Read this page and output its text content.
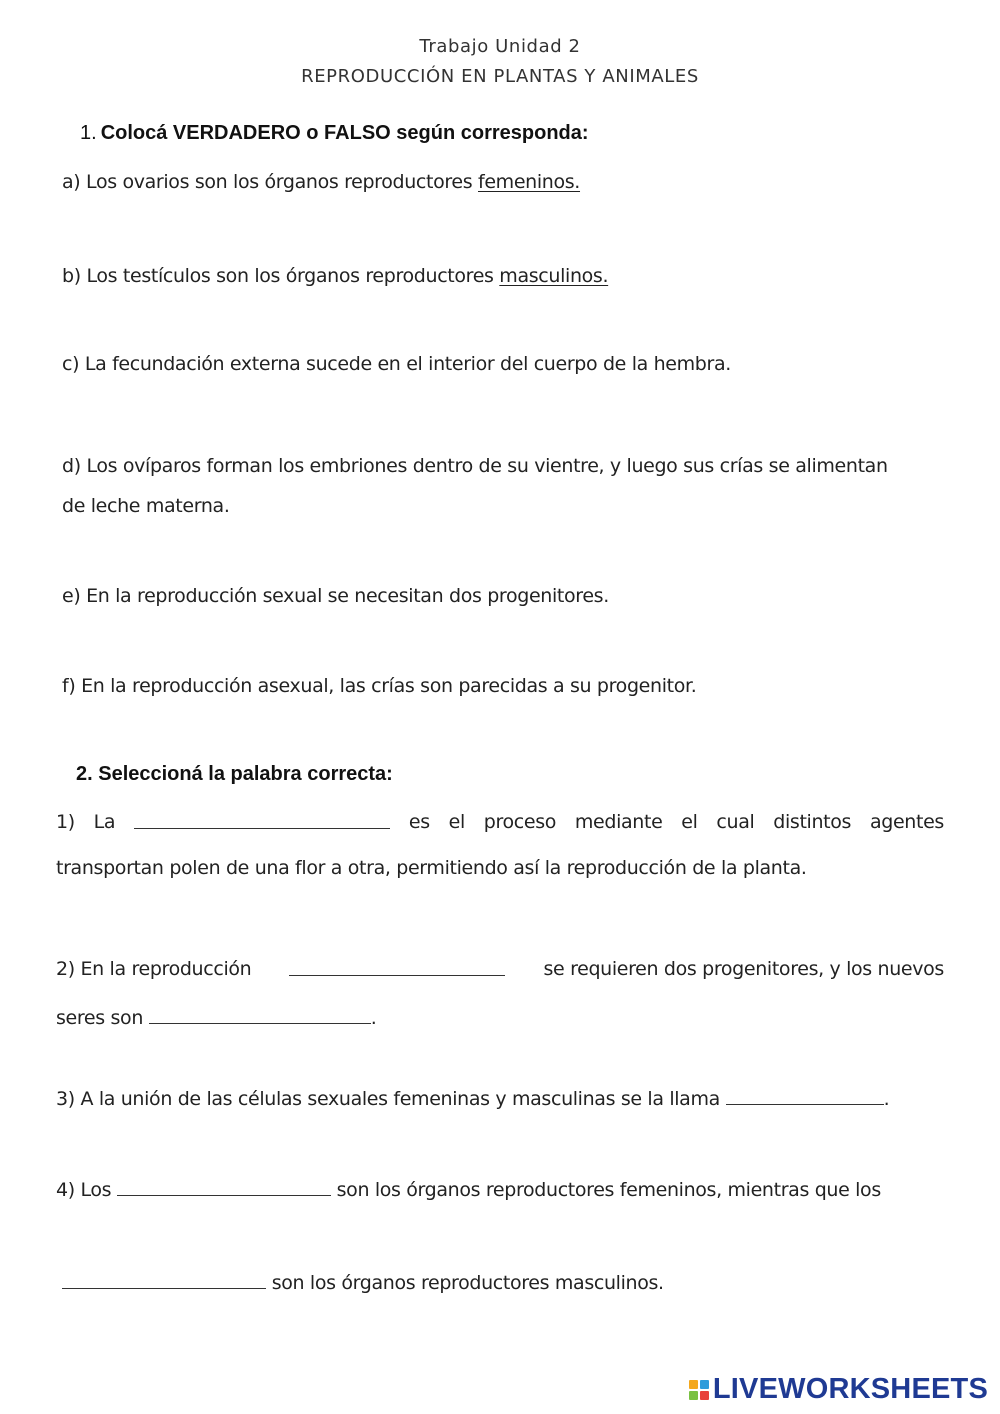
Trabajo Unidad 2
REPRODUCCIÓN EN PLANTAS Y ANIMALES
1. Colocá VERDADERO o FALSO según corresponda:
a) Los ovarios son los órganos reproductores femeninos.
b) Los testículos son los órganos reproductores masculinos.
c) La fecundación externa sucede en el interior del cuerpo de la hembra.
d) Los ovíparos forman los embriones dentro de su vientre, y luego sus crías se alimentan
de leche materna.
e) En la reproducción sexual se necesitan dos progenitores.
f) En la reproducción asexual, las crías son parecidas a su progenitor.
2. Seleccioná la palabra correcta:
1) La	es el proceso mediante el cual distintos agentes
transportan polen de una flor a otra, permitiendo así la reproducción de la planta.
2) En la reproducción	se requieren dos progenitores, y los nuevos
seres son	.
3) A la unión de las células sexuales femeninas y masculinas se la llama	.
4) Los	son los órganos reproductores femeninos, mientras que los
son los órganos reproductores masculinos.
LIVEWORKSHEETS
